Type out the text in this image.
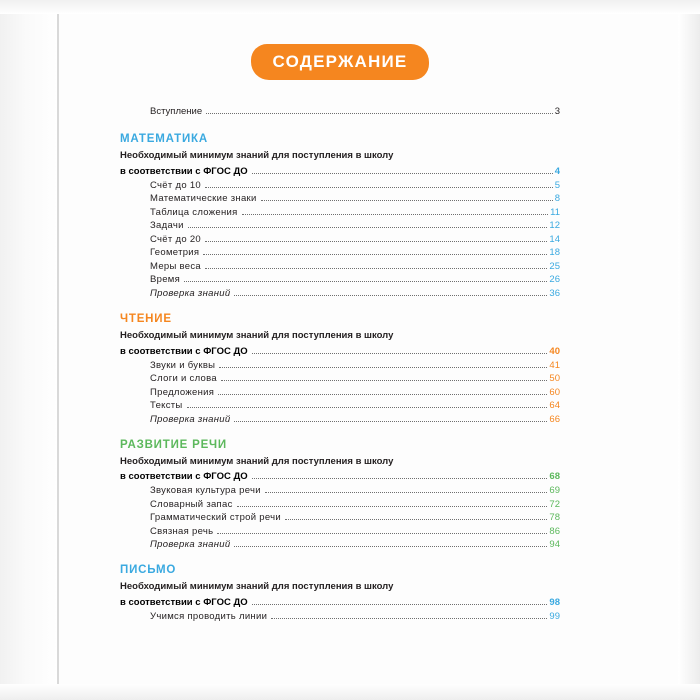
СОДЕРЖАНИЕ
Вступление	3
МАТЕМАТИКА
Необходимый минимум знаний для поступления в школу
в соответствии с ФГОС ДО	4
Счёт до 10	5
Математические знаки	8
Таблица сложения	11
Задачи	12
Счёт до 20	14
Геометрия	18
Меры веса	25
Время	26
Проверка знаний	36
ЧТЕНИЕ
Необходимый минимум знаний для поступления в школу
в соответствии с ФГОС ДО	40
Звуки и буквы	41
Слоги и слова	50
Предложения	60
Тексты	64
Проверка знаний	66
РАЗВИТИЕ РЕЧИ
Необходимый минимум знаний для поступления в школу
в соответствии с ФГОС ДО	68
Звуковая культура речи	69
Словарный запас	72
Грамматический строй речи	78
Связная речь	86
Проверка знаний	94
ПИСЬМО
Необходимый минимум знаний для поступления в школу
в соответствии с ФГОС ДО	98
Учимся проводить линии	99
